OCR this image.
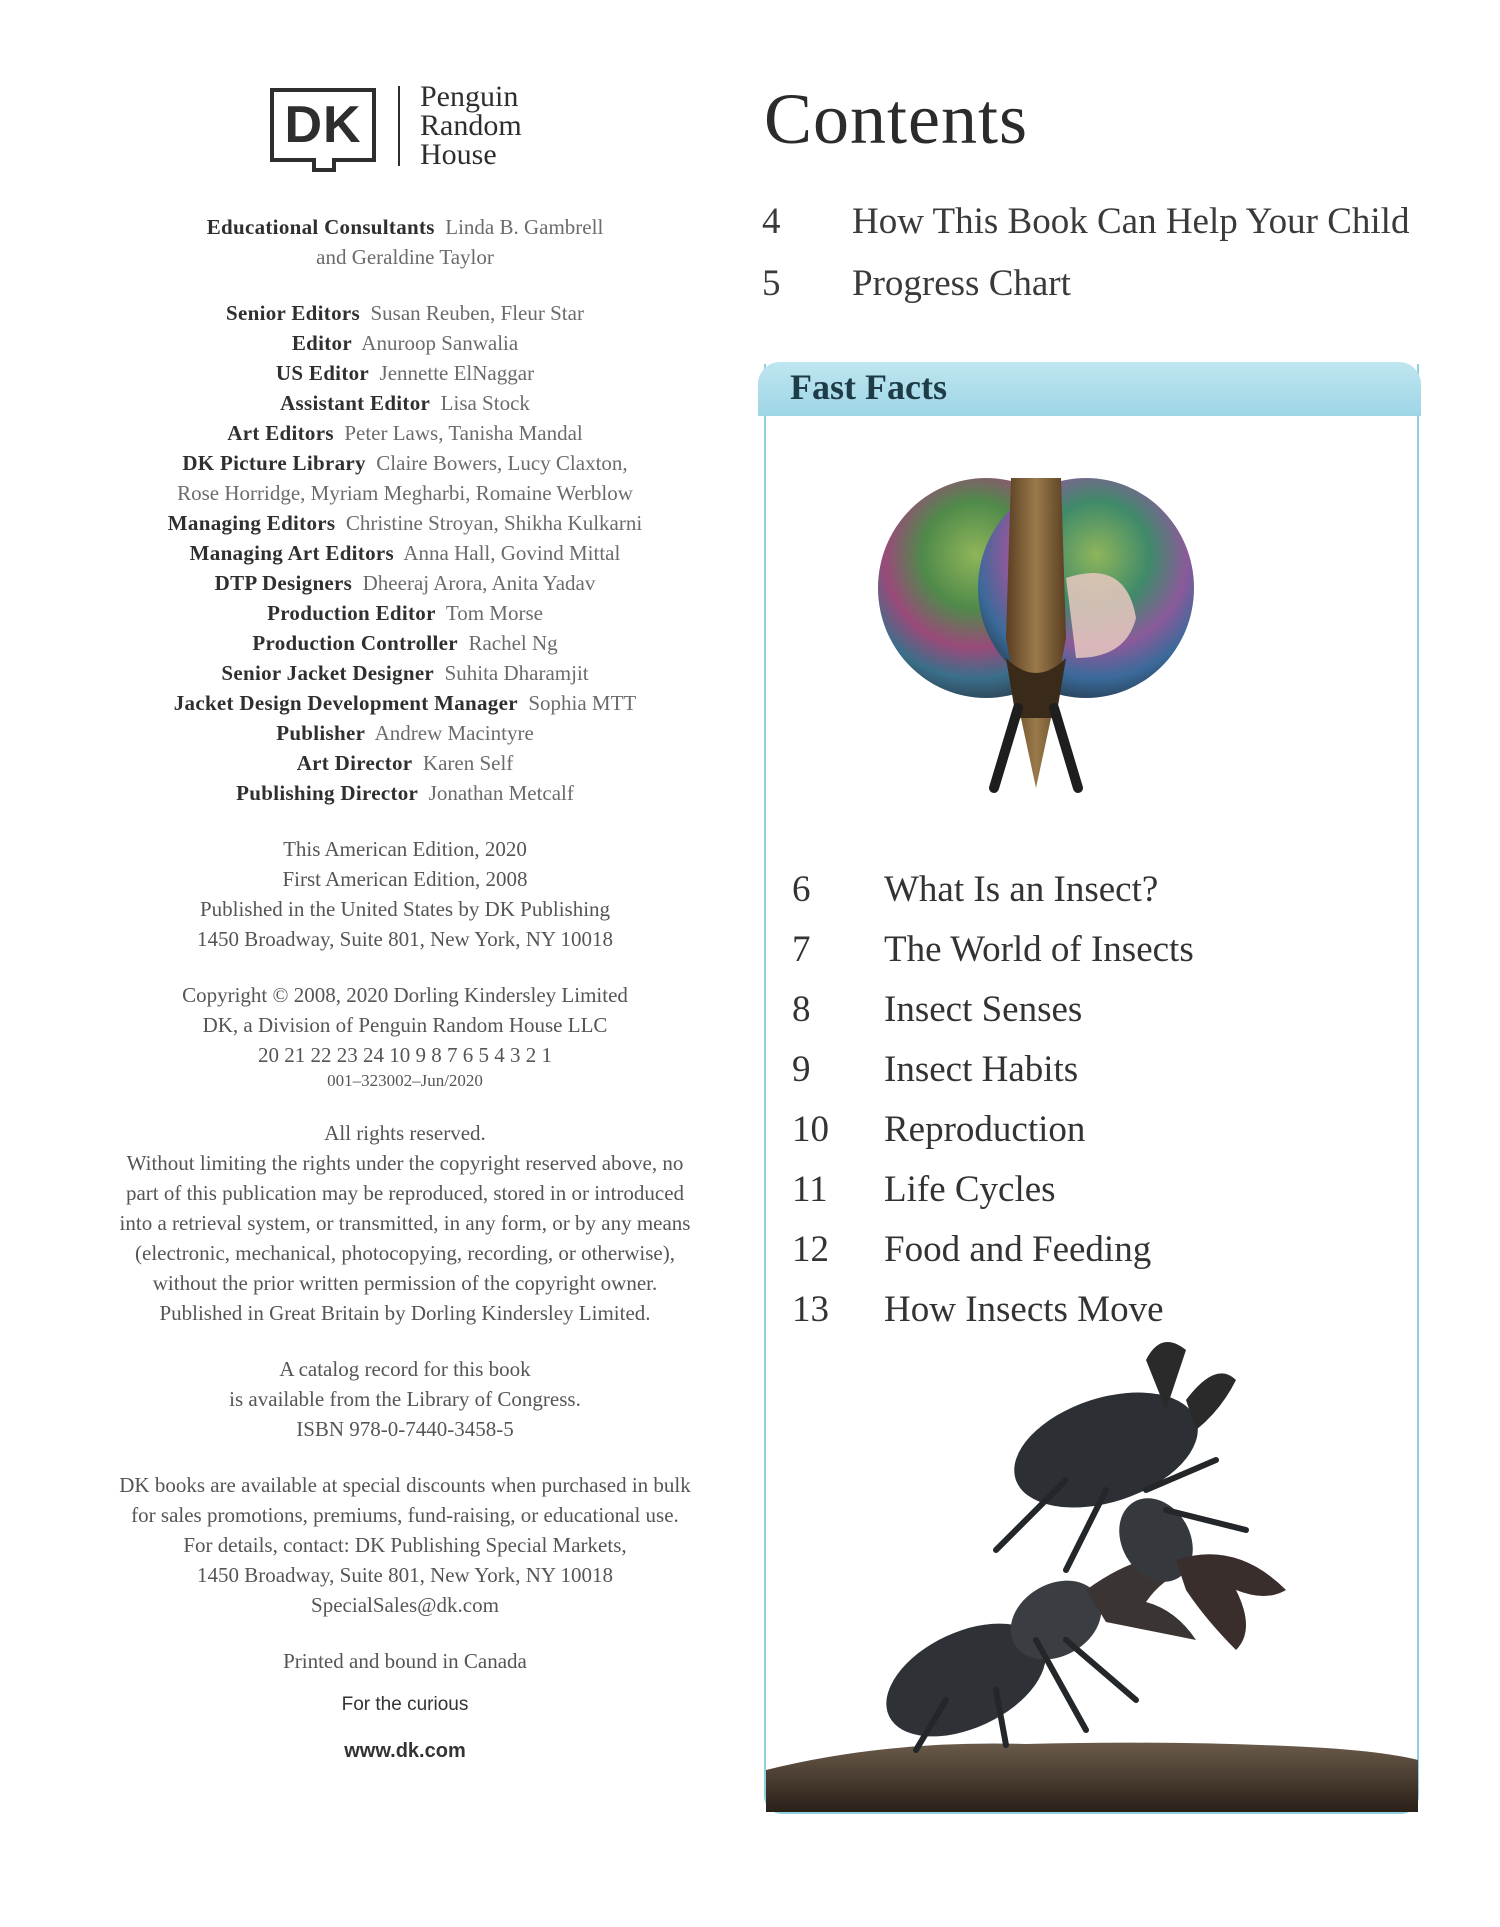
DK	Penguin
Random
House
Educational Consultants Linda B. Gambrell
and Geraldine Taylor
Senior Editors Susan Reuben, Fleur Star
Editor Anuroop Sanwalia
US Editor Jennette ElNaggar
Assistant Editor Lisa Stock
Art Editors Peter Laws, Tanisha Mandal
DK Picture Library Claire Bowers, Lucy Claxton,
Rose Horridge, Myriam Megharbi, Romaine Werblow
Managing Editors Christine Stroyan, Shikha Kulkarni
Managing Art Editors Anna Hall, Govind Mittal
DTP Designers Dheeraj Arora, Anita Yadav
Production Editor Tom Morse
Production Controller Rachel Ng
Senior Jacket Designer Suhita Dharamjit
Jacket Design Development Manager Sophia MTT
Publisher Andrew Macintyre
Art Director Karen Self
Publishing Director Jonathan Metcalf
This American Edition, 2020
First American Edition, 2008
Published in the United States by DK Publishing
1450 Broadway, Suite 801, New York, NY 10018
Copyright © 2008, 2020 Dorling Kindersley Limited
DK, a Division of Penguin Random House LLC
20 21 22 23 24 10 9 8 7 6 5 4 3 2 1
001–323002–Jun/2020
All rights reserved.
Without limiting the rights under the copyright reserved above, no
part of this publication may be reproduced, stored in or introduced
into a retrieval system, or transmitted, in any form, or by any means
(electronic, mechanical, photocopying, recording, or otherwise),
without the prior written permission of the copyright owner.
Published in Great Britain by Dorling Kindersley Limited.
A catalog record for this book
is available from the Library of Congress.
ISBN 978-0-7440-3458-5
DK books are available at special discounts when purchased in bulk
for sales promotions, premiums, fund-raising, or educational use.
For details, contact: DK Publishing Special Markets,
1450 Broadway, Suite 801, New York, NY 10018
SpecialSales@dk.com
Printed and bound in Canada
For the curious
www.dk.com
Contents
4	How This Book Can Help Your Child
5	Progress Chart
Fast Facts
6	What Is an Insect?
7	The World of Insects
8	Insect Senses
9	Insect Habits
10	Reproduction
11	Life Cycles
12	Food and Feeding
13	How Insects Move
